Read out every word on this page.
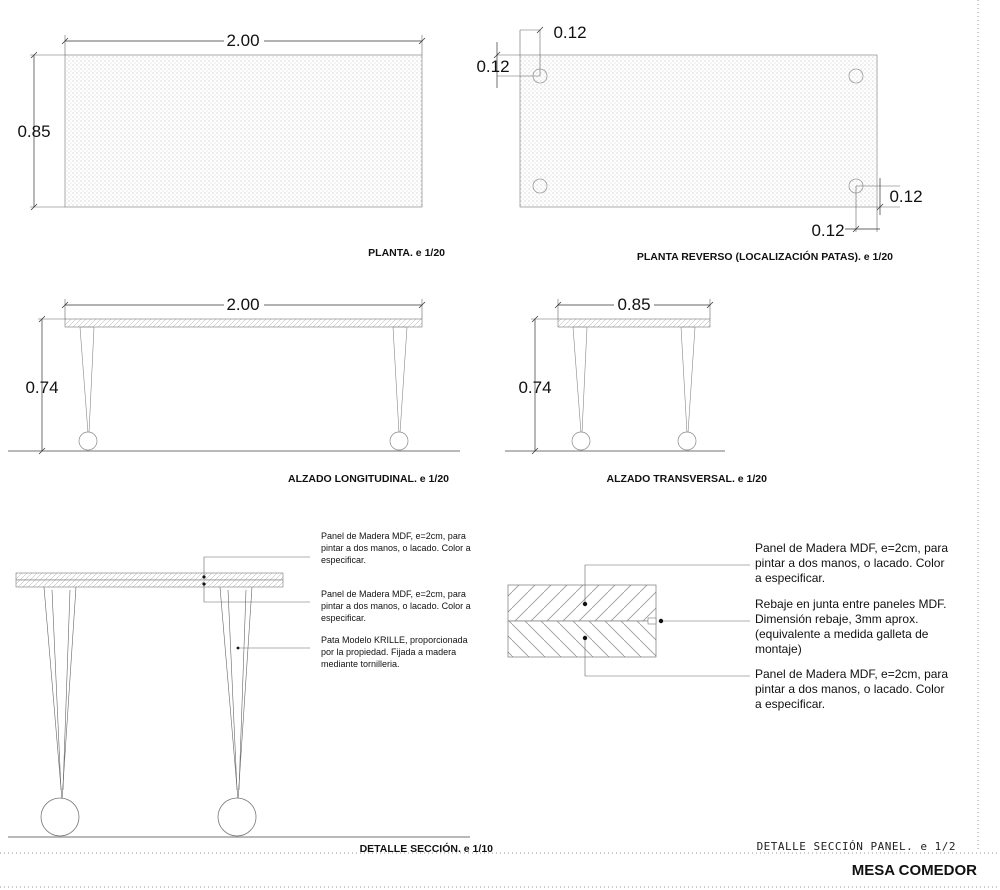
2.00
0.85
PLANTA. e 1/20
0.12
0.12
0.12
0.12
PLANTA REVERSO (LOCALIZACIÓN PATAS). e 1/20
2.00
0.74
ALZADO LONGITUDINAL. e 1/20
0.85
0.74
ALZADO TRANSVERSAL. e 1/20
Panel de Madera MDF, e=2cm, para pintar a dos manos, o lacado. Color a especificar.
Panel de Madera MDF, e=2cm, para pintar a dos manos, o lacado. Color a especificar.
Pata Modelo KRILLE, proporcionada por la propiedad. Fijada a madera mediante tornilleria.
DETALLE SECCIÓN. e 1/10
Panel de Madera MDF, e=2cm, para pintar a dos manos, o lacado. Color a especificar.
Rebaje en junta entre paneles MDF. Dimensión rebaje, 3mm aprox. (equivalente a medida galleta de montaje)
Panel de Madera MDF, e=2cm, para pintar a dos manos, o lacado. Color a especificar.
DETALLE SECCIÓN PANEL. e 1/2
MESA COMEDOR
